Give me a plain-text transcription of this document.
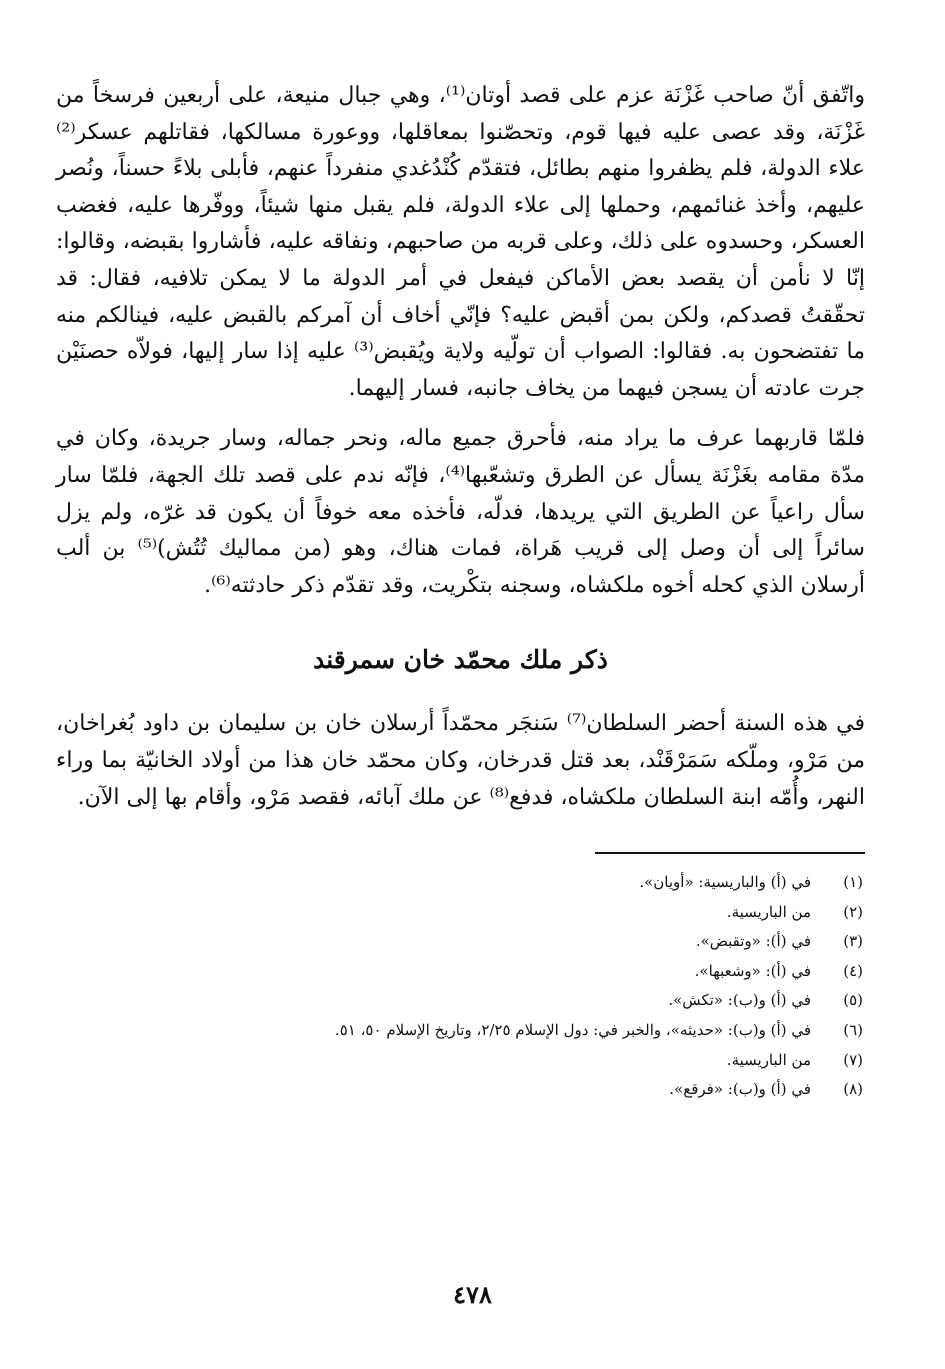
واتّفق أنّ صاحب غَزْنَة عزم على قصد أوتان⁽¹⁾، وهي جبال منيعة، على أربعين فرسخاً من غَزْنَة، وقد عصى عليه فيها قوم، وتحصّنوا بمعاقلها، ووعورة مسالكها، فقاتلهم عسكر⁽²⁾ علاء الدولة، فلم يظفروا منهم بطائل، فتقدّم كُنْدُغدي منفرداً عنهم، فأبلى بلاءً حسناً، ونُصر عليهم، وأخذ غنائمهم، وحملها إلى علاء الدولة، فلم يقبل منها شيئاً، ووفّرها عليه، فغضب العسكر، وحسدوه على ذلك، وعلى قربه من صاحبهم، ونفاقه عليه، فأشاروا بقبضه، وقالوا: إنّا لا نأمن أن يقصد بعض الأماكن فيفعل في أمر الدولة ما لا يمكن تلافيه، فقال: قد تحقّقتُ قصدكم، ولكن بمن أقبض عليه؟ فإنّي أخاف أن آمركم بالقبض عليه، فينالكم منه ما تفتضحون به. فقالوا: الصواب أن تولّيه ولاية ويُقبض⁽³⁾ عليه إذا سار إليها، فولاّه حصنَيْن جرت عادته أن يسجن فيهما من يخاف جانبه، فسار إليهما.

فلمّا قاربهما عرف ما يراد منه، فأحرق جميع ماله، ونحر جماله، وسار جريدة، وكان في مدّة مقامه بغَزْنَة يسأل عن الطرق وتشعّبها⁽⁴⁾، فإنّه ندم على قصد تلك الجهة، فلمّا سار سأل راعياً عن الطريق التي يريدها، فدلّه، فأخذه معه خوفاً أن يكون قد غرّه، ولم يزل سائراً إلى أن وصل إلى قريب هَراة، فمات هناك، وهو (من مماليك تُتُش)⁽⁵⁾ بن ألب أرسلان الذي كحله أخوه ملكشاه، وسجنه بتكْريت، وقد تقدّم ذكر حادثته⁽⁶⁾.

ذكر ملك محمّد خان سمرقند

في هذه السنة أحضر السلطان⁽⁷⁾ سَنجَر محمّداً أرسلان خان بن سليمان بن داود بُغراخان، من مَرْو، وملّكه سَمَرْقَنْد، بعد قتل قدرخان، وكان محمّد خان هذا من أولاد الخانيّة بما وراء النهر، وأُمّه ابنة السلطان ملكشاه، فدفع⁽⁸⁾ عن ملك آبائه، فقصد مَرْو، وأقام بها إلى الآن.

(١)
في (أ) والباريسية: «أويان».
(٢)
من الباريسية.
(٣)
في (أ): «وتقبض».
(٤)
في (أ): «وشعبها».
(٥)
في (أ) و(ب): «تكش».
(٦)
في (أ) و(ب): «حديثه»، والخبر في: دول الإسلام ٢/٢٥، وتاريخ الإسلام ٥٠، ٥١.
(٧)
من الباريسية.
(٨)
في (أ) و(ب): «فرقع».
٤٧٨
